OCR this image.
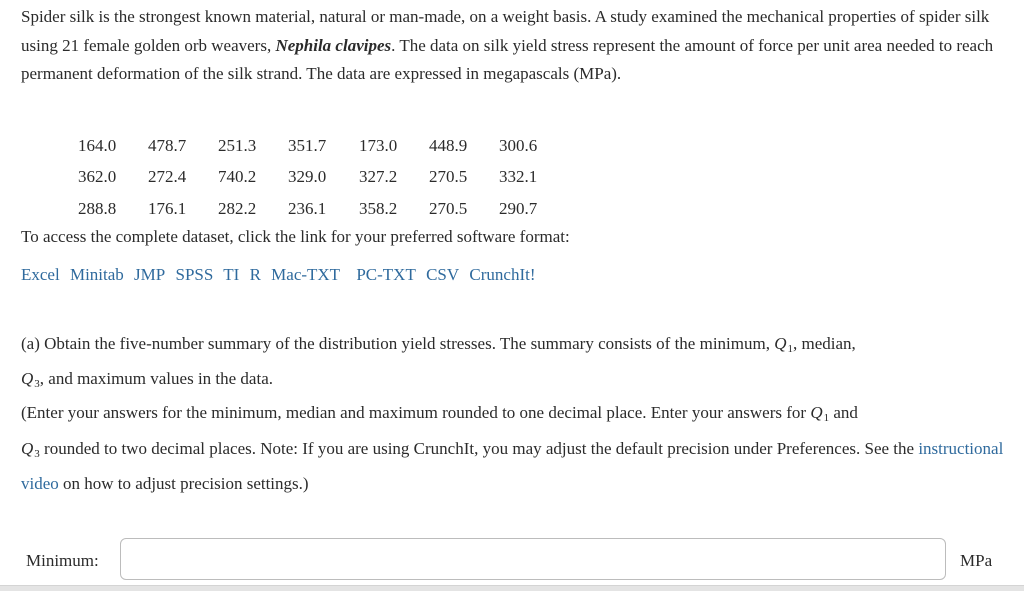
Spider silk is the strongest known material, natural or man-made, on a weight basis. A study examined the mechanical properties of spider silk using 21 female golden orb weavers, Nephila clavipes. The data on silk yield stress represent the amount of force per unit area needed to reach permanent deformation of the silk strand. The data are expressed in megapascals (MPa).

164.0	478.7	251.3	351.7	173.0	448.9	300.6
362.0	272.4	740.2	329.0	327.2	270.5	332.1
288.8	176.1	282.2	236.1	358.2	270.5	290.7

To access the complete dataset, click the link for your preferred software format:

Excel Minitab JMP SPSS TI R Mac-TXT PC-TXT CSV CrunchIt!

(a) Obtain the five-number summary of the distribution yield stresses. The summary consists of the minimum, $Q_1$, median,
$Q_3$, and maximum values in the data.

(Enter your answers for the minimum, median and maximum rounded to one decimal place. Enter your answers for $Q_1$ and
$Q_3$ rounded to two decimal places. Note: If you are using CrunchIt, you may adjust the default precision under Preferences. See the instructional video on how to adjust precision settings.)

Minimum:	MPa
